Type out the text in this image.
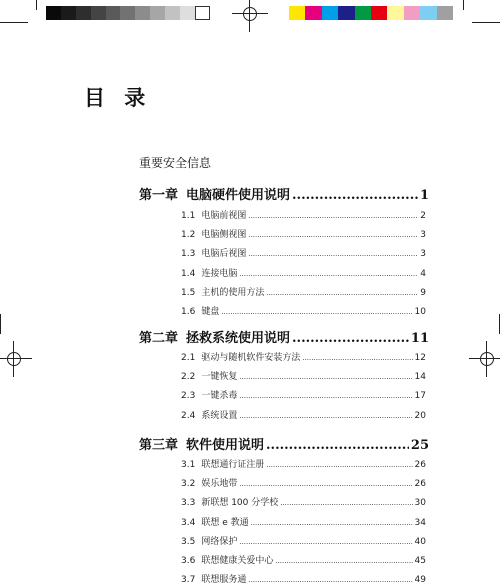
目 录
重要安全信息
第一章 电脑硬件使用说明 .....	1
1.1 电脑前视图 .....	2
1.2 电脑侧视图 .....	3
1.3 电脑后视图 .....	3
1.4 连接电脑 .....	4
1.5 主机的使用方法 .....	9
1.6 键盘 .....	10
第二章 拯救系统使用说明 .....	11
2.1 驱动与随机软件安装方法 .....	12
2.2 一键恢复 .....	14
2.3 一键杀毒 .....	17
2.4 系统设置 .....	20
第三章 软件使用说明 .....	25
3.1 联想通行证注册 .....	26
3.2 娱乐地带 .....	26
3.3 新联想 100 分学校 .....	30
3.4 联想 e 教通 .....	34
3.5 网络保护 .....	40
3.6 联想健康关爱中心 .....	45
3.7 联想服务通 .....	49
